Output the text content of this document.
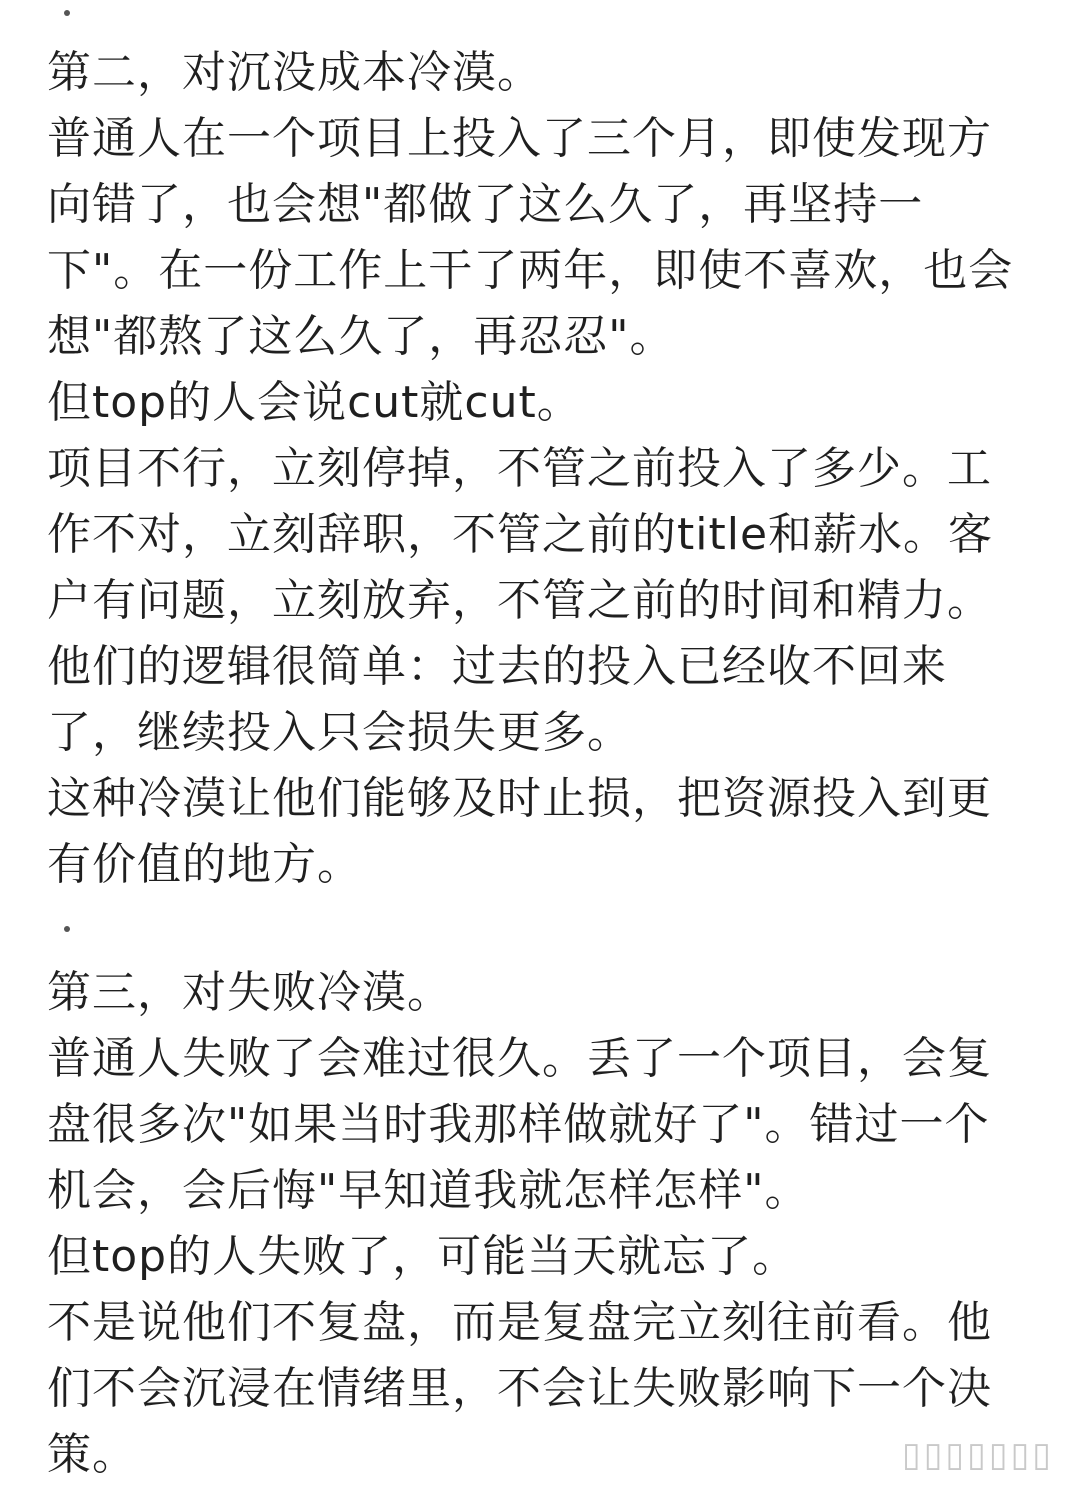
第二，对沉没成本冷漠。

普通人在一个项目上投入了三个月，即使发现方向错了，也会想"都做了这么久了，再坚持一下"。在一份工作上干了两年，即使不喜欢，也会想"都熬了这么久了，再忍忍"。

但top的人会说cut就cut。

项目不行，立刻停掉，不管之前投入了多少。工作不对，立刻辞职，不管之前的title和薪水。客户有问题，立刻放弃，不管之前的时间和精力。

他们的逻辑很简单：过去的投入已经收不回来了，继续投入只会损失更多。

这种冷漠让他们能够及时止损，把资源投入到更有价值的地方。

第三，对失败冷漠。

普通人失败了会难过很久。丢了一个项目，会复盘很多次"如果当时我那样做就好了"。错过一个机会，会后悔"早知道我就怎样怎样"。

但top的人失败了，可能当天就忘了。

不是说他们不复盘，而是复盘完立刻往前看。他们不会沉浸在情绪里，不会让失败影响下一个决策。	▯▯▯▯▯▯▯
